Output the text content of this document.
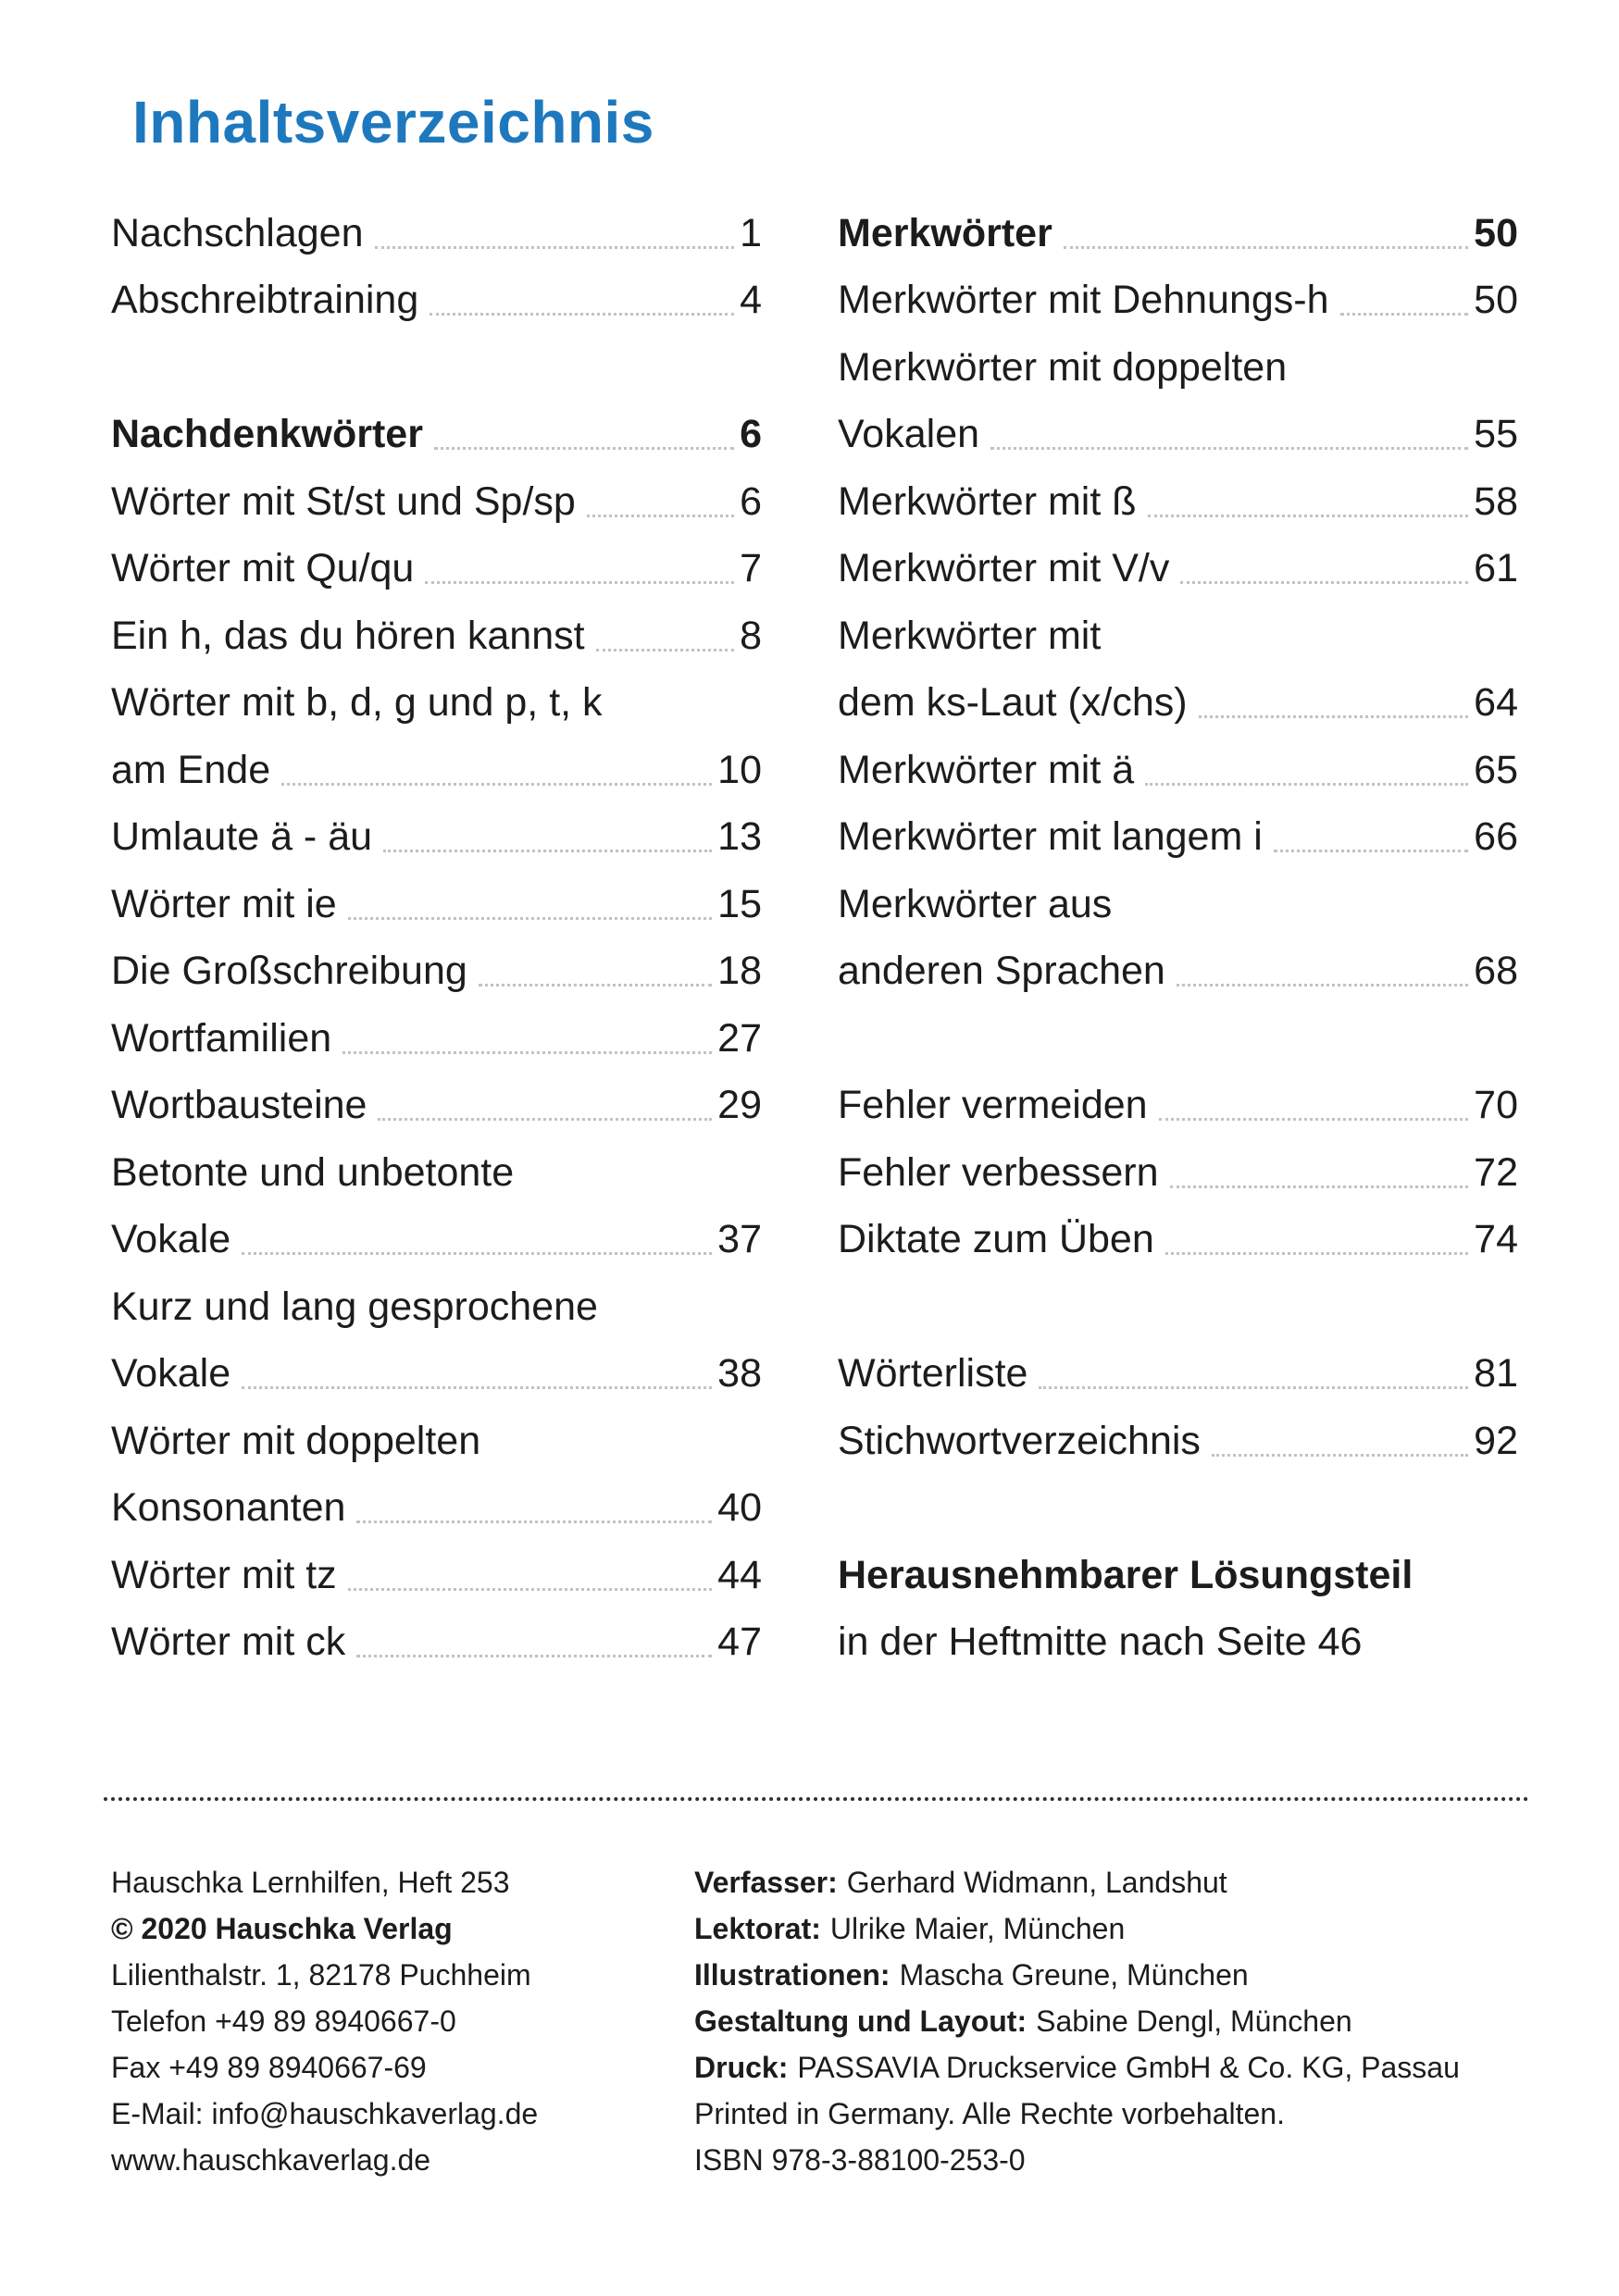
Inhaltsverzeichnis
Nachschlagen	1
Abschreibtraining	4
Nachdenkwörter	6
Wörter mit St/st und Sp/sp	6
Wörter mit Qu/qu	7
Ein h, das du hören kannst	8
Wörter mit b, d, g und p, t, k
am Ende	10
Umlaute ä - äu	13
Wörter mit ie	15
Die Großschreibung	18
Wortfamilien	27
Wortbausteine	29
Betonte und unbetonte
Vokale	37
Kurz und lang gesprochene
Vokale	38
Wörter mit doppelten
Konsonanten	40
Wörter mit tz	44
Wörter mit ck	47
Merkwörter	50
Merkwörter mit Dehnungs-h	50
Merkwörter mit doppelten
Vokalen	55
Merkwörter mit ß	58
Merkwörter mit V/v	61
Merkwörter mit
dem ks-Laut (x/chs)	64
Merkwörter mit ä	65
Merkwörter mit langem i	66
Merkwörter aus
anderen Sprachen	68
Fehler vermeiden	70
Fehler verbessern	72
Diktate zum Üben	74
Wörterliste	81
Stichwortverzeichnis	92
Herausnehmbarer Lösungsteil
in der Heftmitte nach Seite 46
Hauschka Lernhilfen, Heft 253
© 2020 Hauschka Verlag
Lilienthalstr. 1, 82178 Puchheim
Telefon +49 89 8940667-0
Fax +49 89 8940667-69
E-Mail: info@hauschkaverlag.de
www.hauschkaverlag.de
Verfasser: Gerhard Widmann, Landshut
Lektorat: Ulrike Maier, München
Illustrationen: Mascha Greune, München
Gestaltung und Layout: Sabine Dengl, München
Druck: PASSAVIA Druckservice GmbH & Co. KG, Passau
Printed in Germany. Alle Rechte vorbehalten.
ISBN 978-3-88100-253-0
